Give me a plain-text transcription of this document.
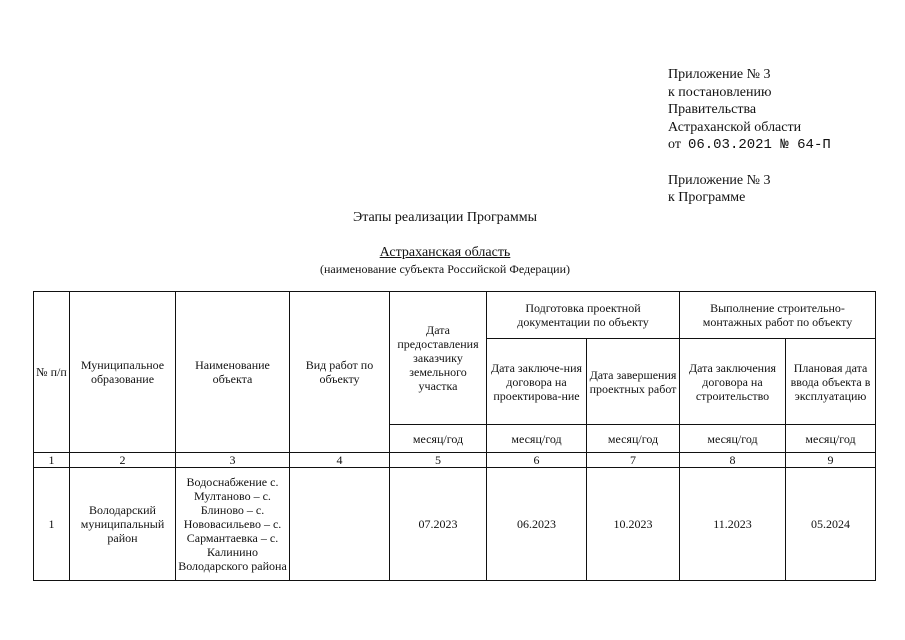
Приложение № 3
к постановлению
Правительства
Астраханской области
от 06.03.2021 № 64-П
Приложение № 3
к Программе
Этапы реализации Программы
Астраханская область
(наименование субъекта Российской Федерации)
№ п/п	Муниципальное образование	Наименование объекта	Вид работ по объекту	Дата предоставления заказчику земельного участка	Подготовка проектной документации по объекту		Выполнение строительно-монтажных работ по объекту	
					Дата заключе-ния договора на проектирова-ние	Дата завершения проектных работ	Дата заключения договора на строительство	Плановая дата ввода объекта в эксплуатацию
				месяц/год	месяц/год	месяц/год	месяц/год	месяц/год
1	2	3	4	5	6	7	8	9
1	Володарский муниципальный район	Водоснабжение с. Мултаново – с. Блиново – с. Нововасильево – с. Сармантаевка – с. Калинино Володарского района		07.2023	06.2023	10.2023	11.2023	05.2024
